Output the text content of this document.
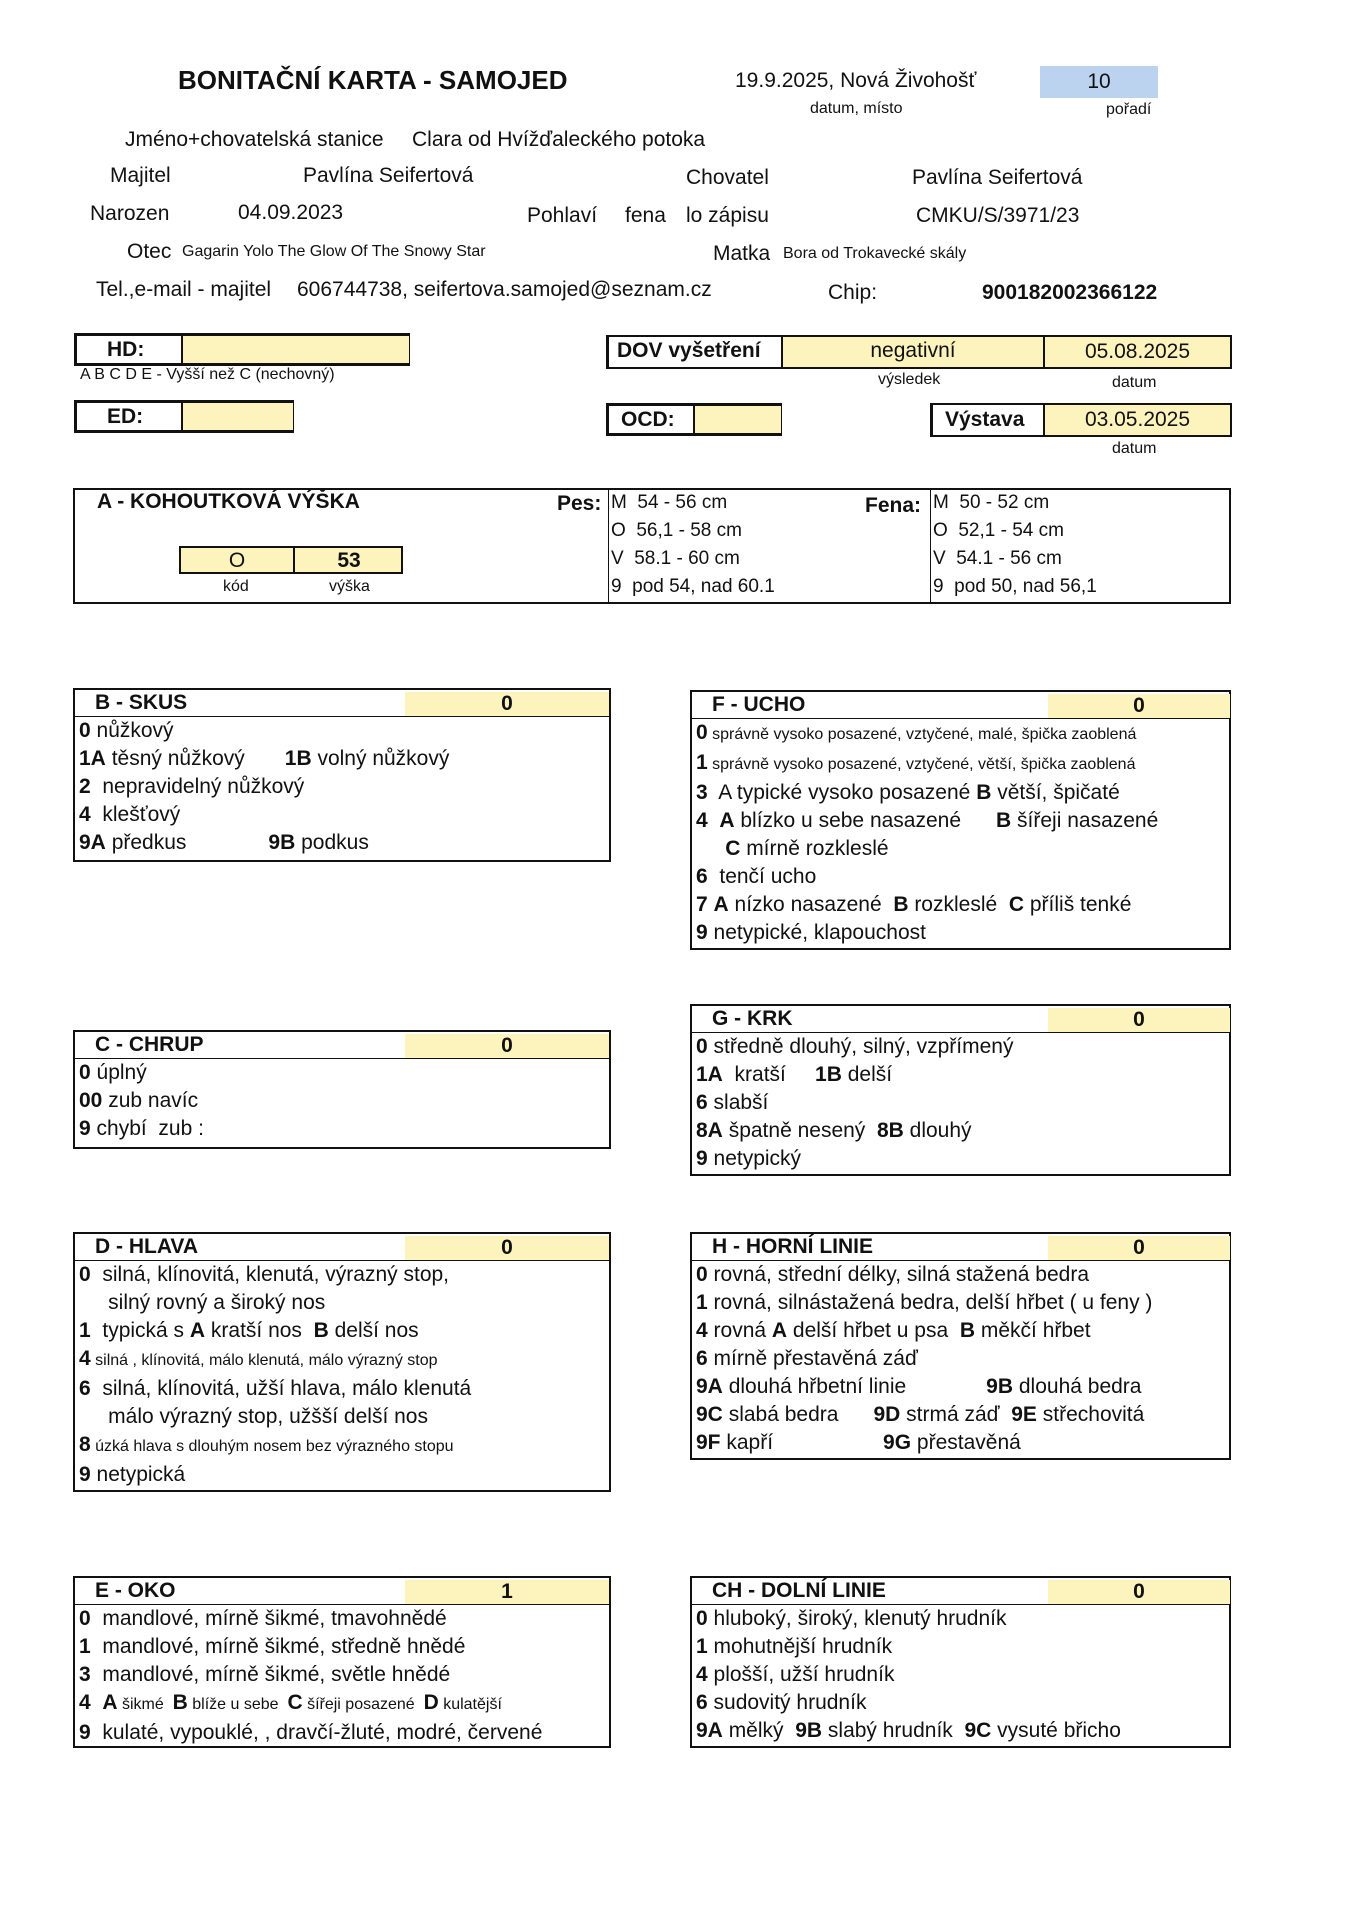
BONITAČNÍ KARTA - SAMOJED	19.9.2025, Nová Živohošť
datum, místo
10
pořadí
Jméno+chovatelská stanice Clara od Hvížďaleckého potoka
Majitel	Pavlína Seifertová	Chovatel	Pavlína Seifertová
Narozen	04.09.2023	Pohlaví fena lo zápisu	CMKU/S/3971/23
Otec Gagarin Yolo The Glow Of The Snowy Star	Matka Bora od Trokavecké skály
Tel.,e-mail - majitel 606744738, seifertova.samojed@seznam.cz	Chip:	900182002366122
HD:
A B C D E - Vyšší než C (nechovný)
ED:
DOV vyšetření	negativní	05.08.2025
výsledek	datum
OCD:	Výstava	03.05.2025
datum
A - KOHOUTKOVÁ VÝŠKA
O	53
kód	výška
Pes: M  54 - 56 cm
O  56,1 - 58 cm
V  58.1 - 60 cm
9  pod 54, nad 60.1
Fena: M  50 - 52 cm
O  52,1 - 54 cm
V  54.1 - 56 cm
9  pod 50, nad 56,1
B - SKUS	0
0 nůžkový
1A těsný nůžkový 1B volný nůžkový
2  nepravidelný nůžkový
4  klešťový
9A předkus	9B podkus
C - CHRUP	0
0 úplný
00 zub navíc
9 chybí  zub :
D - HLAVA	0
0  silná, klínovitá, klenutá, výrazný stop,
silný rovný a široký nos
1  typická s A kratší nos  B delší nos
4 silná , klínovitá, málo klenutá, málo výrazný stop
6  silná, klínovitá, užší hlava, málo klenutá
málo výrazný stop, užšší delší nos
8 úzká hlava s dlouhým nosem bez výrazného stopu
9 netypická
E - OKO	1
0  mandlové, mírně šikmé, tmavohnědé
1  mandlové, mírně šikmé, středně hnědé
3  mandlové, mírně šikmé, světle hnědé
4 A šikmé  B blíže u sebe  C šířeji posazené  D kulatější
9  kulaté, vypouklé, , dravčí-žluté, modré, červené
F - UCHO	0
0 správně vysoko posazené, vztyčené, malé, špička zaoblená
1 správně vysoko posazené, vztyčené, větší, špička zaoblená
3  A typické vysoko posazené B větší, špičaté
4 A blízko u sebe nasazené      B šířeji nasazené
C mírně rozkleslé
6  tenčí ucho
7 A nízko nasazené  B rozkleslé  C příliš tenké
9 netypické, klapouchost
G - KRK	0
0 středně dlouhý, silný, vzpřímený
1A  kratší     1B delší
6 slabší
8A špatně nesený  8B dlouhý
9 netypický
H - HORNÍ LINIE	0
0 rovná, střední délky, silná stažená bedra
1 rovná, silnástažená bedra, delší hřbet ( u feny )
4 rovná A delší hřbet u psa  B měkčí hřbet
6 mírně přestavěná záď
9A dlouhá hřbetní linie	9B dlouhá bedra
9C slabá bedra      9D strmá záď  9E střechovitá
9F kapří	9G přestavěná
CH - DOLNÍ LINIE	0
0 hluboký, široký, klenutý hrudník
1 mohutnější hrudník
4 plošší, užší hrudník
6 sudovitý hrudník
9A mělký  9B slabý hrudník  9C vysuté břicho
